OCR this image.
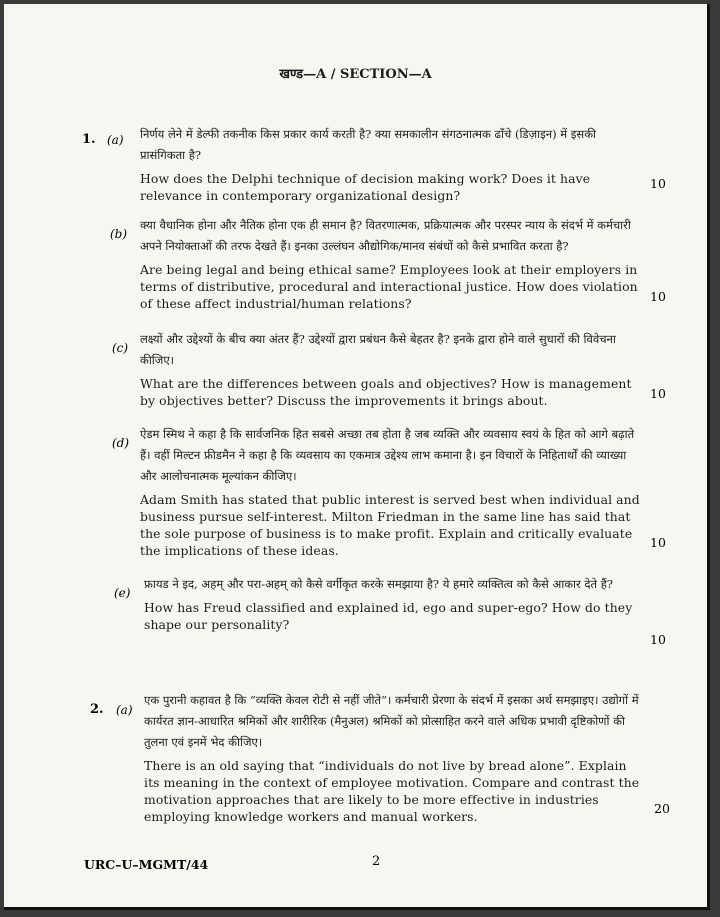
खण्ड—A / SECTION—A
1. (a) निर्णय लेने में डेल्फी तकनीक किस प्रकार कार्य करती है? क्या समकालीन संगठनात्मक ढाँचे (डिज़ाइन) में इसकी प्रासंगिकता है?

How does the Delphi technique of decision making work? Does it have relevance in contemporary organizational design?

10
(b)

क्या वैधानिक होना और नैतिक होना एक ही समान है? वितरणात्मक, प्रक्रियात्मक और परस्पर न्याय के संदर्भ में कर्मचारी अपने नियोक्ताओं की तरफ देखते हैं। इनका उल्लंघन औद्योगिक/मानव संबंधों को कैसे प्रभावित करता है?

Are being legal and being ethical same? Employees look at their employers in terms of distributive, procedural and interactional justice. How does violation of these affect industrial/human relations?	10
(c)

लक्ष्यों और उद्देश्यों के बीच क्या अंतर हैं? उद्देश्यों द्वारा प्रबंधन कैसे बेहतर है? इनके द्वारा होने वाले सुधारों की विवेचना कीजिए।

What are the differences between goals and objectives? How is management by objectives better? Discuss the improvements it brings about.	10
(d)

ऐडम स्मिथ ने कहा है कि सार्वजनिक हित सबसे अच्छा तब होता है जब व्यक्ति और व्यवसाय स्वयं के हित को आगे बढ़ाते हैं। वहीं मिल्टन फ्रीडमैन ने कहा है कि व्यवसाय का एकमात्र उद्देश्य लाभ कमाना है। इन विचारों के निहितार्थों की व्याख्या और आलोचनात्मक मूल्यांकन कीजिए।

Adam Smith has stated that public interest is served best when individual and business pursue self-interest. Milton Friedman in the same line has said that the sole purpose of business is to make profit. Explain and critically evaluate the implications of these ideas.

10
(e)

फ्रायड ने इद, अहम् और परा-अहम् को कैसे वर्गीकृत करके समझाया है? ये हमारे व्यक्तित्व को कैसे आकार देते हैं?

How has Freud classified and explained id, ego and super-ego? How do they shape our personality?

10
2. (a)

एक पुरानी कहावत है कि “व्यक्ति केवल रोटी से नहीं जीते”। कर्मचारी प्रेरणा के संदर्भ में इसका अर्थ समझाइए। उद्योगों में कार्यरत ज्ञान-आधारित श्रमिकों और शारीरिक (मैनुअल) श्रमिकों को प्रोत्साहित करने वाले अधिक प्रभावी दृष्टिकोणों की तुलना एवं इनमें भेद कीजिए।

There is an old saying that “individuals do not live by bread alone”. Explain its meaning in the context of employee motivation. Compare and contrast the motivation approaches that are likely to be more effective in industries employing knowledge workers and manual workers.

20
URC–U–MGMT/44	2
